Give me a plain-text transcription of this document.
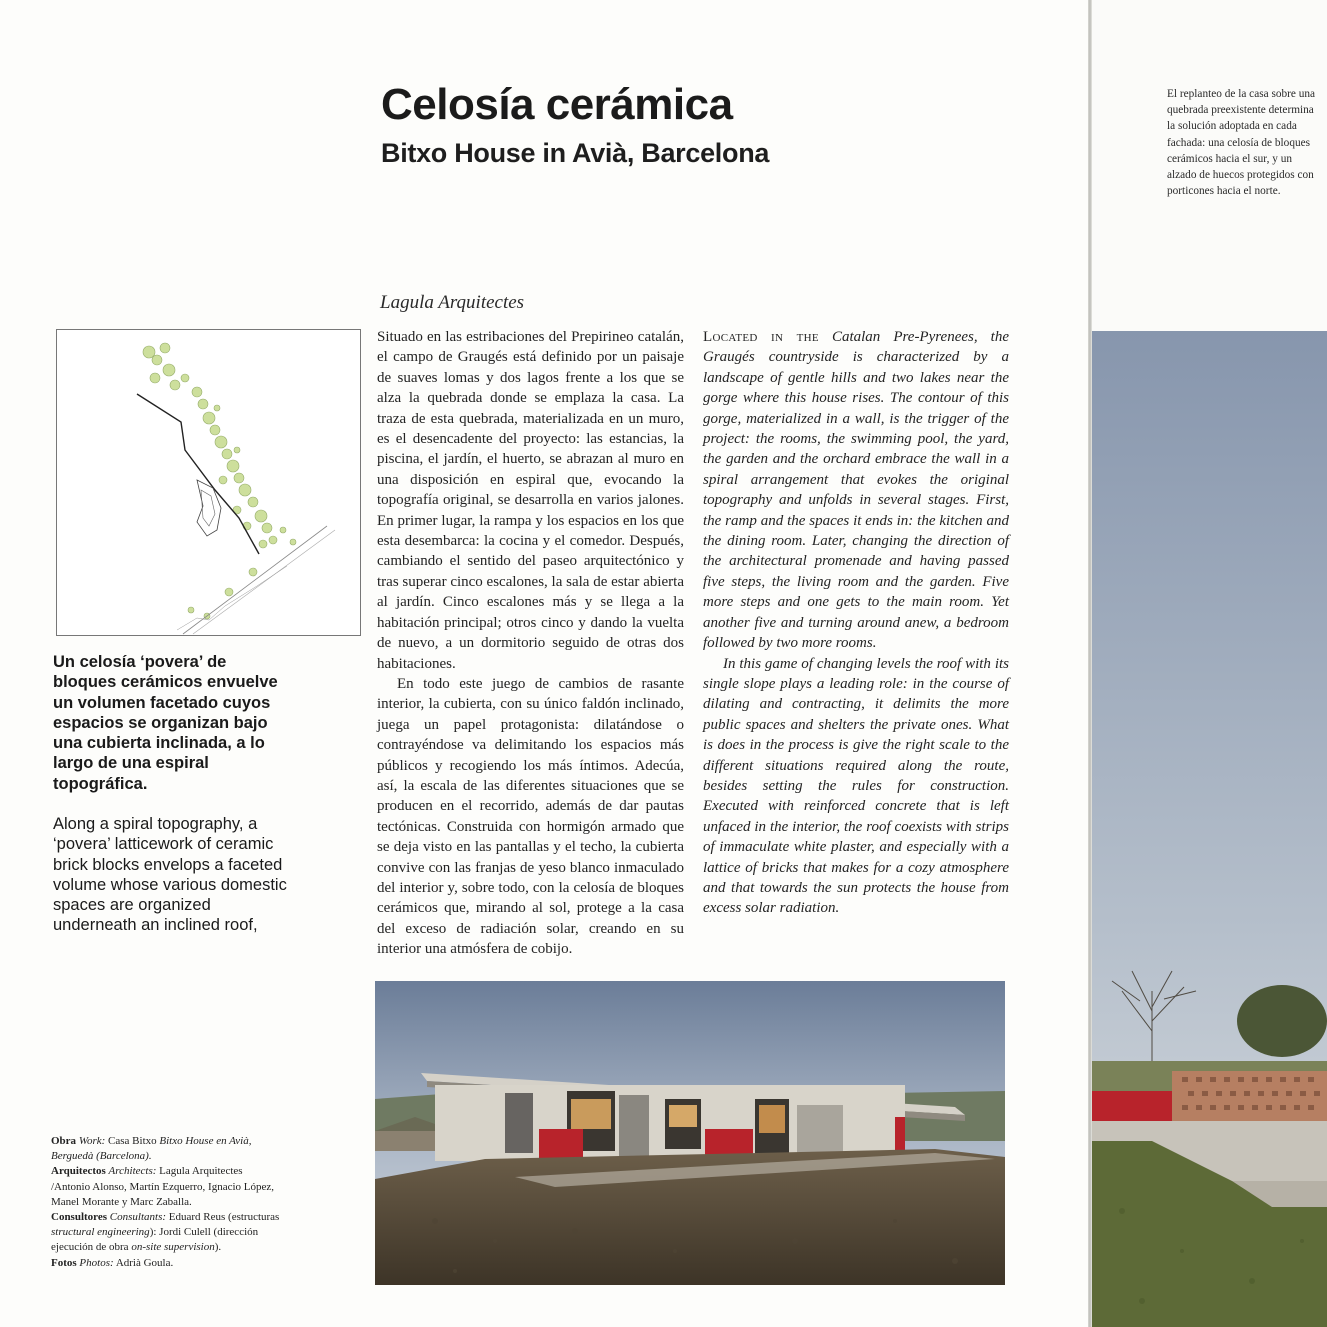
Celosía cerámica
Bitxo House in Avià, Barcelona
Lagula Arquitectes

Situado en las estribaciones del Prepirineo catalán, el campo de Graugés está definido por un paisaje de suaves lomas y dos lagos frente a los que se alza la quebrada donde se emplaza la casa. La traza de esta quebrada, materializada en un muro, es el desencadente del proyecto: las estancias, la piscina, el jardín, el huerto, se abrazan al muro en una disposición en espiral que, evocando la topografía original, se desarrolla en varios jalones. En primer lugar, la rampa y los espacios en los que esta desembarca: la cocina y el comedor. Después, cambiando el sentido del paseo arquitectónico y tras superar cinco escalones, la sala de estar abierta al jardín. Cinco escalones más y se llega a la habitación principal; otros cinco y dando la vuelta de nuevo, a un dormitorio seguido de otras dos habitaciones.

En todo este juego de cambios de rasante interior, la cubierta, con su único faldón inclinado, juega un papel protagonista: dilatándose o contrayéndose va delimitando los espacios más públicos y recogiendo los más íntimos. Adecúa, así, la escala de las diferentes situaciones que se producen en el recorrido, además de dar pautas tectónicas. Construida con hormigón armado que se deja visto en las pantallas y el techo, la cubierta convive con las franjas de yeso blanco inmaculado del interior y, sobre todo, con la celosía de bloques cerámicos que, mirando al sol, protege a la casa del exceso de radiación solar, creando en su interior una atmósfera de cobijo.

Located in the Catalan Pre-Pyrenees, the Graugés countryside is characterized by a landscape of gentle hills and two lakes near the gorge where this house rises. The contour of this gorge, materialized in a wall, is the trigger of the project: the rooms, the swimming pool, the yard, the garden and the orchard embrace the wall in a spiral arrangement that evokes the original topography and unfolds in several stages. First, the ramp and the spaces it ends in: the kitchen and the dining room. Later, changing the direction of the architectural promenade and having passed five steps, the living room and the garden. Five more steps and one gets to the main room. Yet another five and turning around anew, a bedroom followed by two more rooms.

In this game of changing levels the roof with its single slope plays a leading role: in the course of dilating and contracting, it delimits the more public spaces and shelters the private ones. What is does in the process is give the right scale to the different situations required along the route, besides setting the rules for construction. Executed with reinforced concrete that is left unfaced in the interior, the roof coexists with strips of immaculate white plaster, and especially with a lattice of bricks that makes for a cozy atmosphere and that towards the sun protects the house from excess solar radiation.

Un celosía ‘povera’ de bloques cerámicos envuelve un volumen facetado cuyos espacios se organizan bajo una cubierta inclinada, a lo largo de una espiral topográfica.
Along a spiral topography, a ‘povera’ latticework of ceramic brick blocks envelops a faceted volume whose various domestic spaces are organized underneath an inclined roof,

Obra Work: Casa Bitxo Bitxo House en Avià, Berguedà (Barcelona).

Arquitectos Architects: Lagula Arquitectes /Antonio Alonso, Martín Ezquerro, Ignacio López, Manel Morante y Marc Zaballa.

Consultores Consultants: Eduard Reus (estructuras structural engineering): Jordi Culell (dirección ejecución de obra on-site supervision).

Fotos Photos: Adrià Goula.

El replanteo de la casa sobre una quebrada preexistente determina la solución adoptada en cada fachada: una celosía de bloques cerámicos hacia el sur, y un alzado de huecos protegidos con porticones hacia el norte.
